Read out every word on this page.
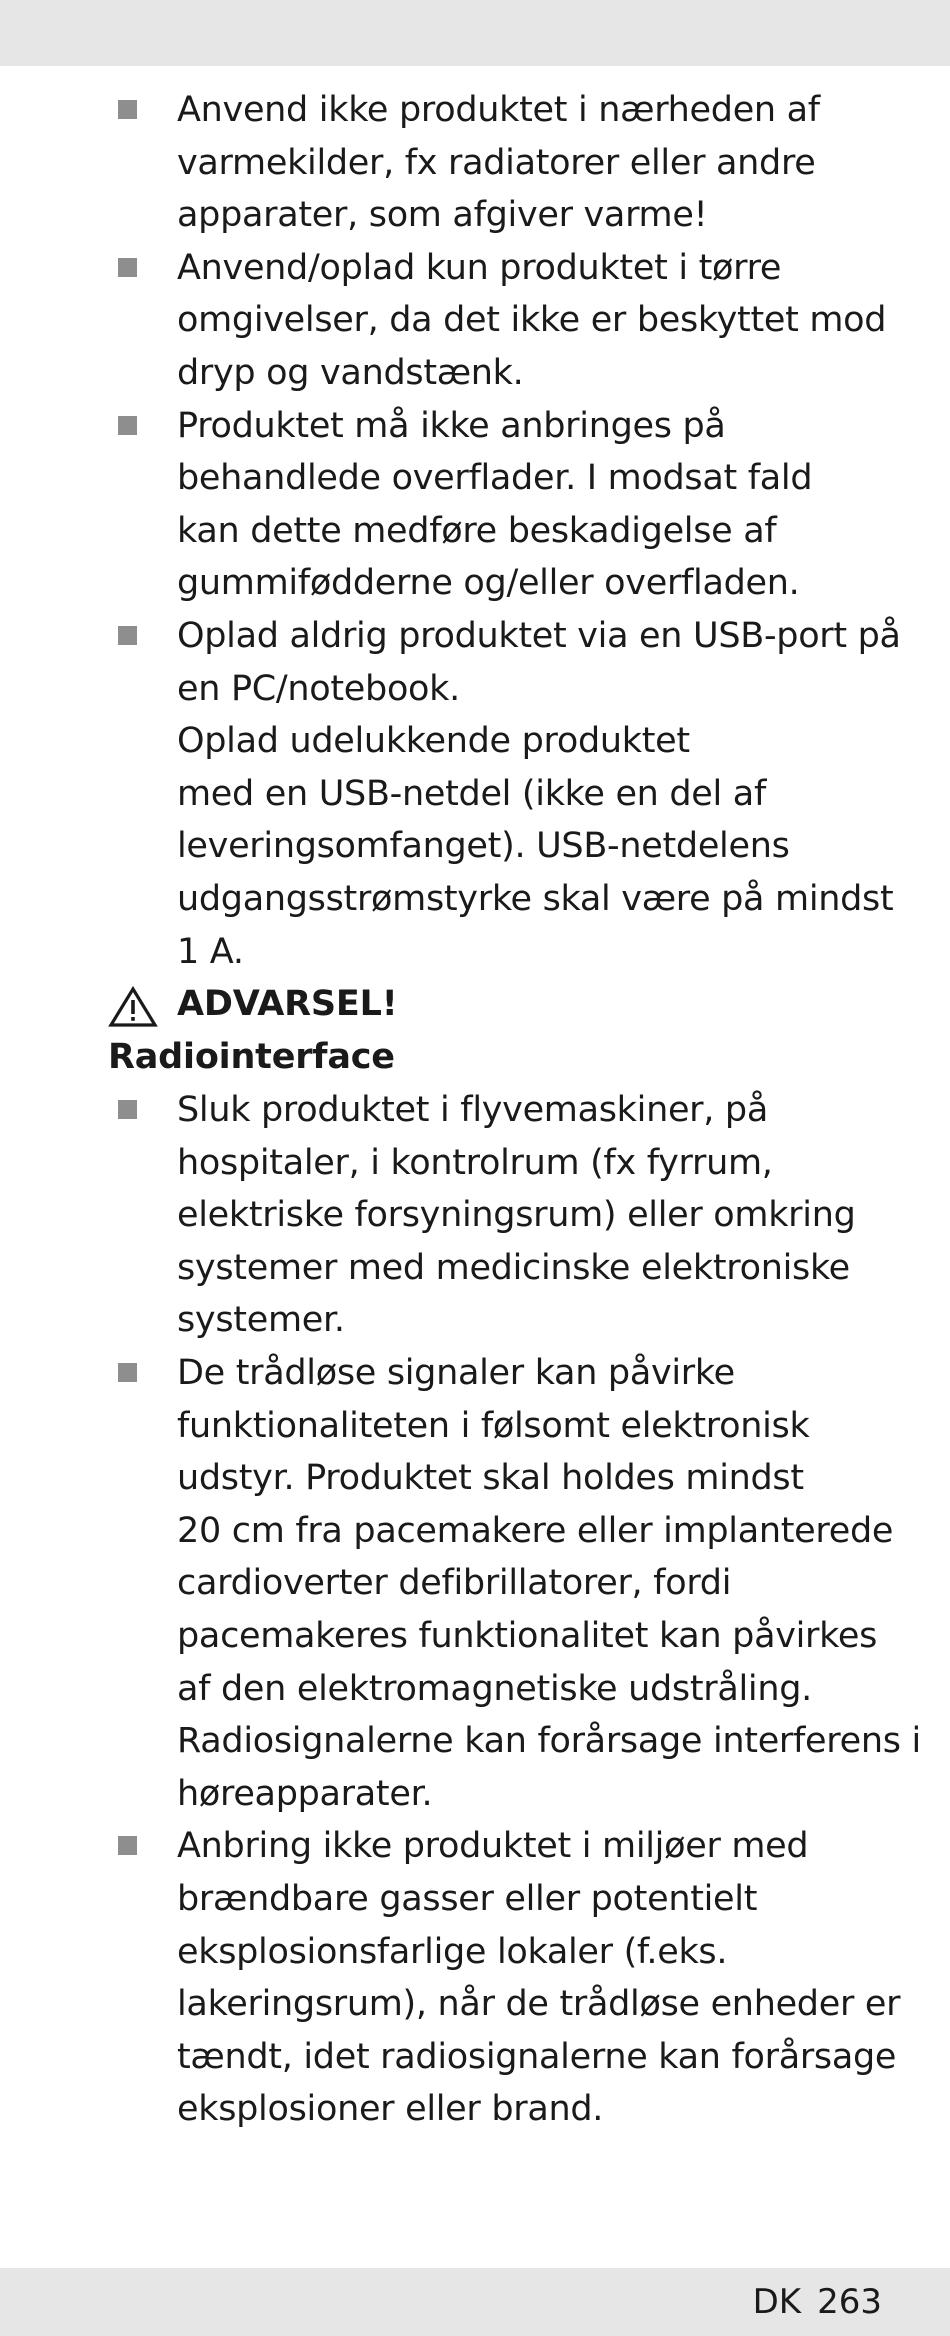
Anvend ikke produktet i nærheden af
varmekilder, fx radiatorer eller andre
apparater, som afgiver varme!
Anvend/oplad kun produktet i tørre
omgivelser, da det ikke er beskyttet mod
dryp og vandstænk.
Produktet må ikke anbringes på
behandlede overflader. I modsat fald
kan dette medføre beskadigelse af
gummifødderne og/eller overfladen.
Oplad aldrig produktet via en USB-port på
en PC/notebook.
Oplad udelukkende produktet
med en USB-netdel (ikke en del af
leveringsomfanget). USB-netdelens
udgangsstrømstyrke skal være på mindst
1 A.
ADVARSEL!
Radiointerface
Sluk produktet i flyvemaskiner, på
hospitaler, i kontrolrum (fx fyrrum,
elektriske forsyningsrum) eller omkring
systemer med medicinske elektroniske
systemer.
De trådløse signaler kan påvirke
funktionaliteten i følsomt elektronisk
udstyr. Produktet skal holdes mindst
20 cm fra pacemakere eller implanterede
cardioverter defibrillatorer, fordi
pacemakeres funktionalitet kan påvirkes
af den elektromagnetiske udstråling.
Radiosignalerne kan forårsage interferens i
høreapparater.
Anbring ikke produktet i miljøer med
brændbare gasser eller potentielt
eksplosionsfarlige lokaler (f.eks.
lakeringsrum), når de trådløse enheder er
tændt, idet radiosignalerne kan forårsage
eksplosioner eller brand.
DK 263
